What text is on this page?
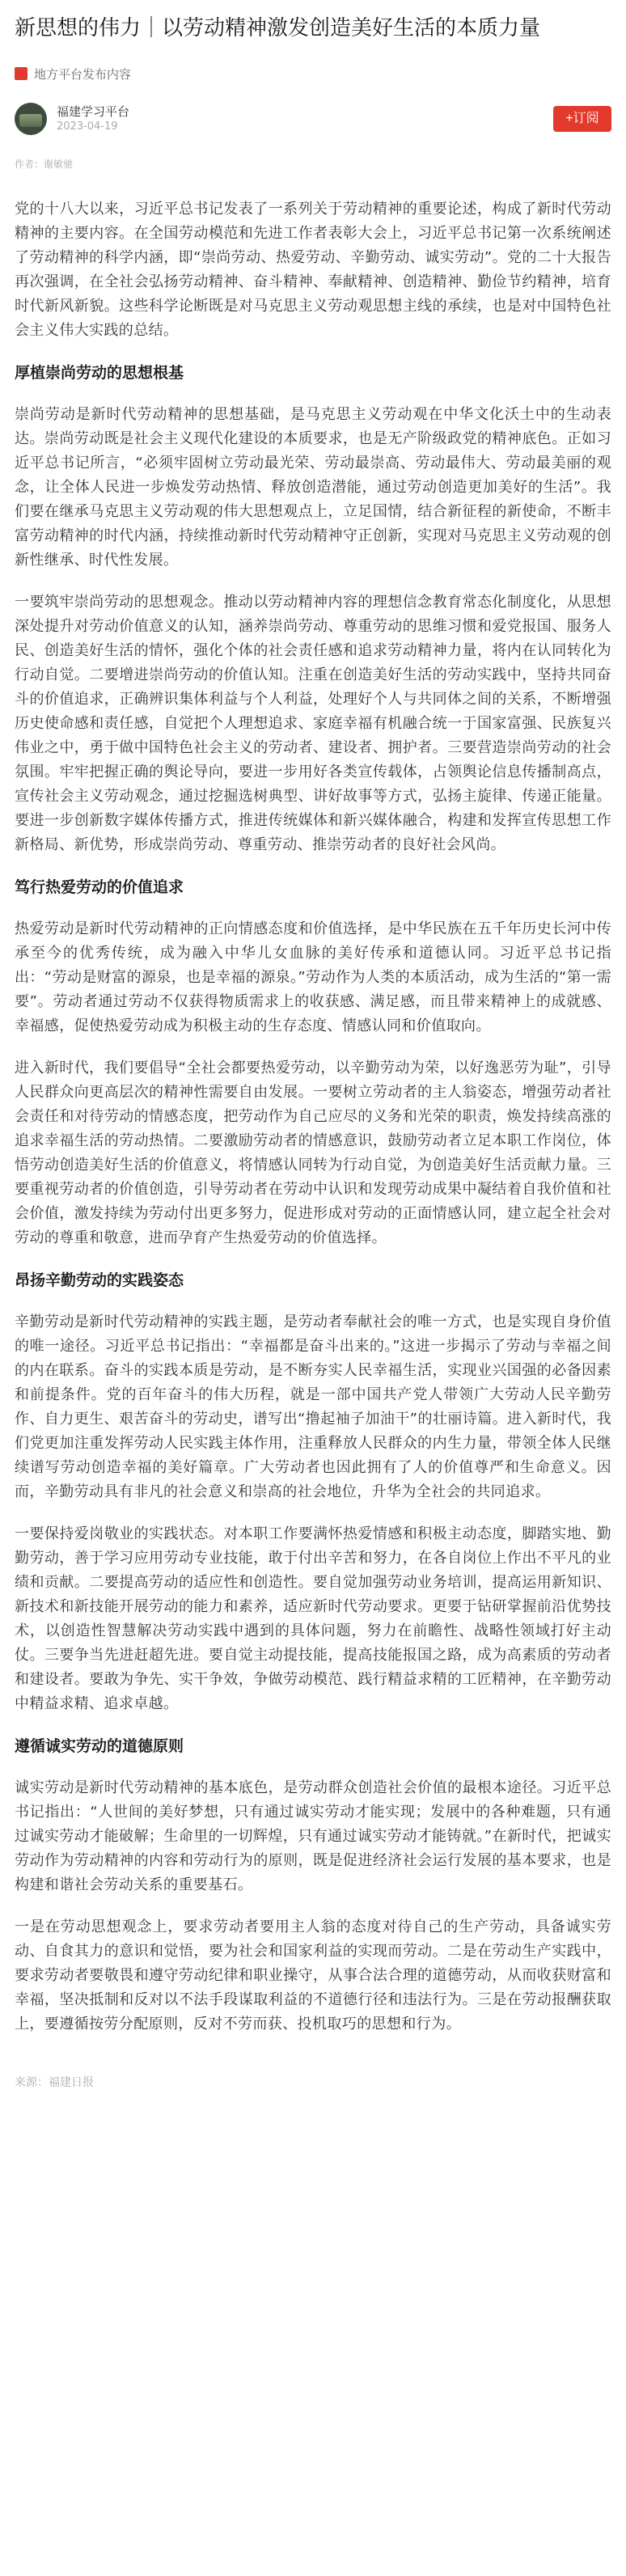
新思想的伟力｜以劳动精神激发创造美好生活的本质力量
地方平台发布内容
福建学习平台
2023-04-19
+订阅
作者：谢敏驰

党的十八大以来，习近平总书记发表了一系列关于劳动精神的重要论述，构成了新时代劳动精神的主要内容。在全国劳动模范和先进工作者表彰大会上，习近平总书记第一次系统阐述了劳动精神的科学内涵，即“崇尚劳动、热爱劳动、辛勤劳动、诚实劳动”。党的二十大报告再次强调，在全社会弘扬劳动精神、奋斗精神、奉献精神、创造精神、勤俭节约精神，培育时代新风新貌。这些科学论断既是对马克思主义劳动观思想主线的承续，也是对中国特色社会主义伟大实践的总结。

厚植崇尚劳动的思想根基

崇尚劳动是新时代劳动精神的思想基础，是马克思主义劳动观在中华文化沃土中的生动表达。崇尚劳动既是社会主义现代化建设的本质要求，也是无产阶级政党的精神底色。正如习近平总书记所言，“必须牢固树立劳动最光荣、劳动最崇高、劳动最伟大、劳动最美丽的观念，让全体人民进一步焕发劳动热情、释放创造潜能，通过劳动创造更加美好的生活”。我们要在继承马克思主义劳动观的伟大思想观点上，立足国情，结合新征程的新使命，不断丰富劳动精神的时代内涵，持续推动新时代劳动精神守正创新，实现对马克思主义劳动观的创新性继承、时代性发展。

一要筑牢崇尚劳动的思想观念。推动以劳动精神内容的理想信念教育常态化制度化，从思想深处提升对劳动价值意义的认知，涵养崇尚劳动、尊重劳动的思维习惯和爱党报国、服务人民、创造美好生活的情怀，强化个体的社会责任感和追求劳动精神力量，将内在认同转化为行动自觉。二要增进崇尚劳动的价值认知。注重在创造美好生活的劳动实践中，坚持共同奋斗的价值追求，正确辨识集体利益与个人利益，处理好个人与共同体之间的关系，不断增强历史使命感和责任感，自觉把个人理想追求、家庭幸福有机融合统一于国家富强、民族复兴伟业之中，勇于做中国特色社会主义的劳动者、建设者、拥护者。三要营造崇尚劳动的社会氛围。牢牢把握正确的舆论导向，要进一步用好各类宣传载体，占领舆论信息传播制高点，宣传社会主义劳动观念，通过挖掘选树典型、讲好故事等方式，弘扬主旋律、传递正能量。要进一步创新数字媒体传播方式，推进传统媒体和新兴媒体融合，构建和发挥宣传思想工作新格局、新优势，形成崇尚劳动、尊重劳动、推崇劳动者的良好社会风尚。

笃行热爱劳动的价值追求

热爱劳动是新时代劳动精神的正向情感态度和价值选择，是中华民族在五千年历史长河中传承至今的优秀传统，成为融入中华儿女血脉的美好传承和道德认同。习近平总书记指出：“劳动是财富的源泉，也是幸福的源泉。”劳动作为人类的本质活动，成为生活的“第一需要”。劳动者通过劳动不仅获得物质需求上的收获感、满足感，而且带来精神上的成就感、幸福感，促使热爱劳动成为积极主动的生存态度、情感认同和价值取向。

进入新时代，我们要倡导“全社会都要热爱劳动，以辛勤劳动为荣，以好逸恶劳为耻”，引导人民群众向更高层次的精神性需要自由发展。一要树立劳动者的主人翁姿态，增强劳动者社会责任和对待劳动的情感态度，把劳动作为自己应尽的义务和光荣的职责，焕发持续高涨的追求幸福生活的劳动热情。二要激励劳动者的情感意识，鼓励劳动者立足本职工作岗位，体悟劳动创造美好生活的价值意义，将情感认同转为行动自觉，为创造美好生活贡献力量。三要重视劳动者的价值创造，引导劳动者在劳动中认识和发现劳动成果中凝结着自我价值和社会价值，激发持续为劳动付出更多努力，促进形成对劳动的正面情感认同，建立起全社会对劳动的尊重和敬意，进而孕育产生热爱劳动的价值选择。

昂扬辛勤劳动的实践姿态

辛勤劳动是新时代劳动精神的实践主题，是劳动者奉献社会的唯一方式，也是实现自身价值的唯一途径。习近平总书记指出：“幸福都是奋斗出来的。”这进一步揭示了劳动与幸福之间的内在联系。奋斗的实践本质是劳动，是不断夯实人民幸福生活，实现业兴国强的必备因素和前提条件。党的百年奋斗的伟大历程，就是一部中国共产党人带领广大劳动人民辛勤劳作、自力更生、艰苦奋斗的劳动史，谱写出“撸起袖子加油干”的壮丽诗篇。进入新时代，我们党更加注重发挥劳动人民实践主体作用，注重释放人民群众的内生力量，带领全体人民继续谱写劳动创造幸福的美好篇章。广大劳动者也因此拥有了人的价值尊严和生命意义。因而，辛勤劳动具有非凡的社会意义和崇高的社会地位，升华为全社会的共同追求。

一要保持爱岗敬业的实践状态。对本职工作要满怀热爱情感和积极主动态度，脚踏实地、勤勤劳动，善于学习应用劳动专业技能，敢于付出辛苦和努力，在各自岗位上作出不平凡的业绩和贡献。二要提高劳动的适应性和创造性。要自觉加强劳动业务培训，提高运用新知识、新技术和新技能开展劳动的能力和素养，适应新时代劳动要求。更要于钻研掌握前沿优势技术，以创造性智慧解决劳动实践中遇到的具体问题，努力在前瞻性、战略性领域打好主动仗。三要争当先进赶超先进。要自觉主动提技能，提高技能报国之路，成为高素质的劳动者和建设者。要敢为争先、实干争效，争做劳动模范、践行精益求精的工匠精神，在辛勤劳动中精益求精、追求卓越。

遵循诚实劳动的道德原则

诚实劳动是新时代劳动精神的基本底色，是劳动群众创造社会价值的最根本途径。习近平总书记指出：“人世间的美好梦想，只有通过诚实劳动才能实现；发展中的各种难题，只有通过诚实劳动才能破解；生命里的一切辉煌，只有通过诚实劳动才能铸就。”在新时代，把诚实劳动作为劳动精神的内容和劳动行为的原则，既是促进经济社会运行发展的基本要求，也是构建和谐社会劳动关系的重要基石。

一是在劳动思想观念上，要求劳动者要用主人翁的态度对待自己的生产劳动，具备诚实劳动、自食其力的意识和觉悟，要为社会和国家利益的实现而劳动。二是在劳动生产实践中，要求劳动者要敬畏和遵守劳动纪律和职业操守，从事合法合理的道德劳动，从而收获财富和幸福，坚决抵制和反对以不法手段谋取利益的不道德行径和违法行为。三是在劳动报酬获取上，要遵循按劳分配原则，反对不劳而获、投机取巧的思想和行为。

来源：福建日报
